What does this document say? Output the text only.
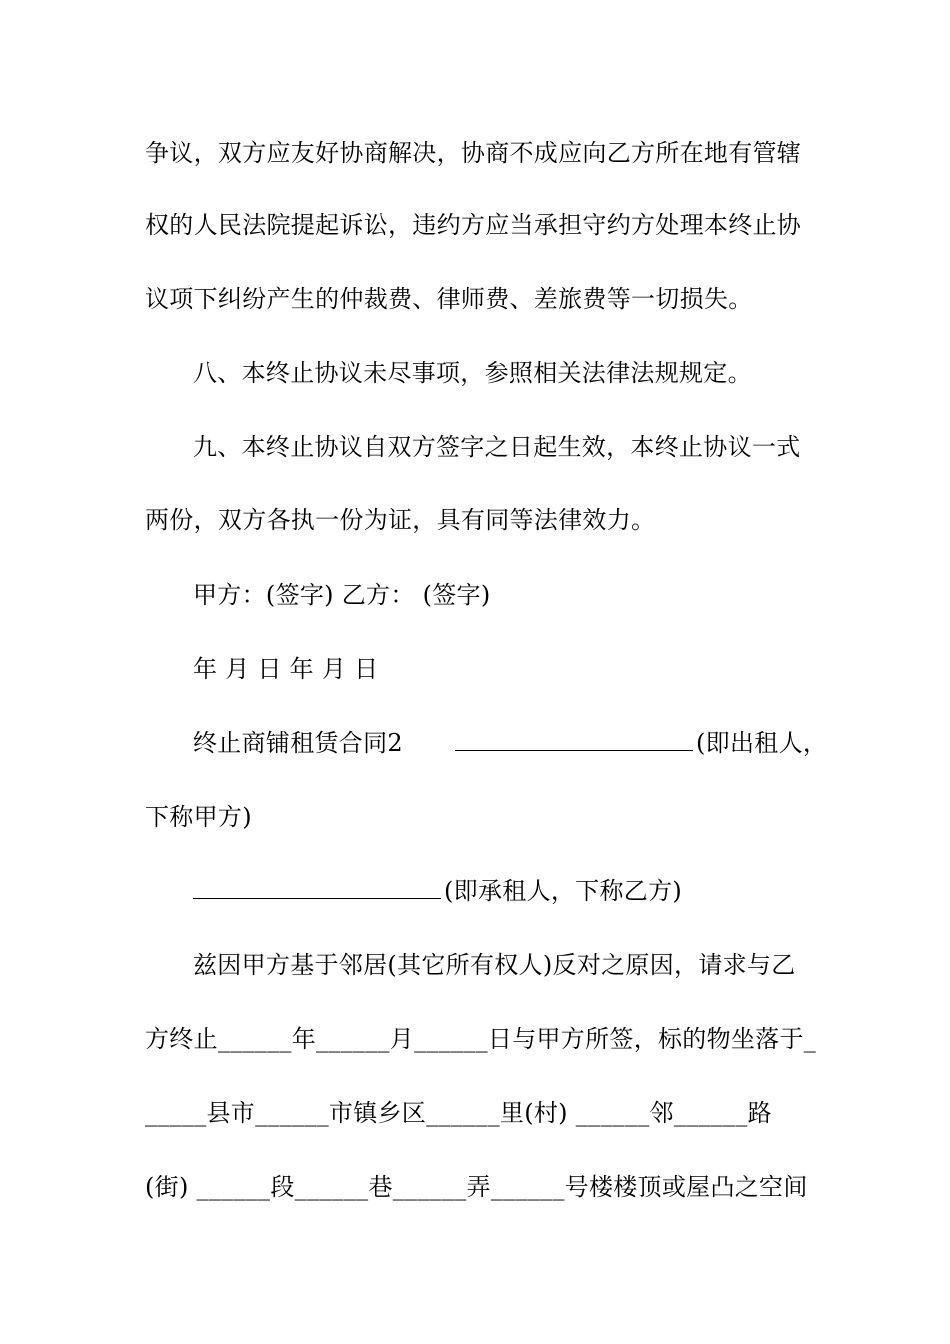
争议，双方应友好协商解决，协商不成应向乙方所在地有管辖
权的人民法院提起诉讼，违约方应当承担守约方处理本终止协
议项下纠纷产生的仲裁费、律师费、差旅费等一切损失。
八、本终止协议未尽事项，参照相关法律法规规定。
九、本终止协议自双方签字之日起生效，本终止协议一式
两份，双方各执一份为证，具有同等法律效力。
甲方：(签字) 乙方： (签字)
年 月 日 年 月 日
终止商铺租赁合同2	(即出租人，
下称甲方)
(即承租人，下称乙方)
兹因甲方基于邻居(其它所有权人)反对之原因，请求与乙
方终止______年______月______日与甲方所签，标的物坐落于_
_____县市______市镇乡区______里(村) ______邻______路
(街) ______段______巷______弄______号楼楼顶或屋凸之空间
